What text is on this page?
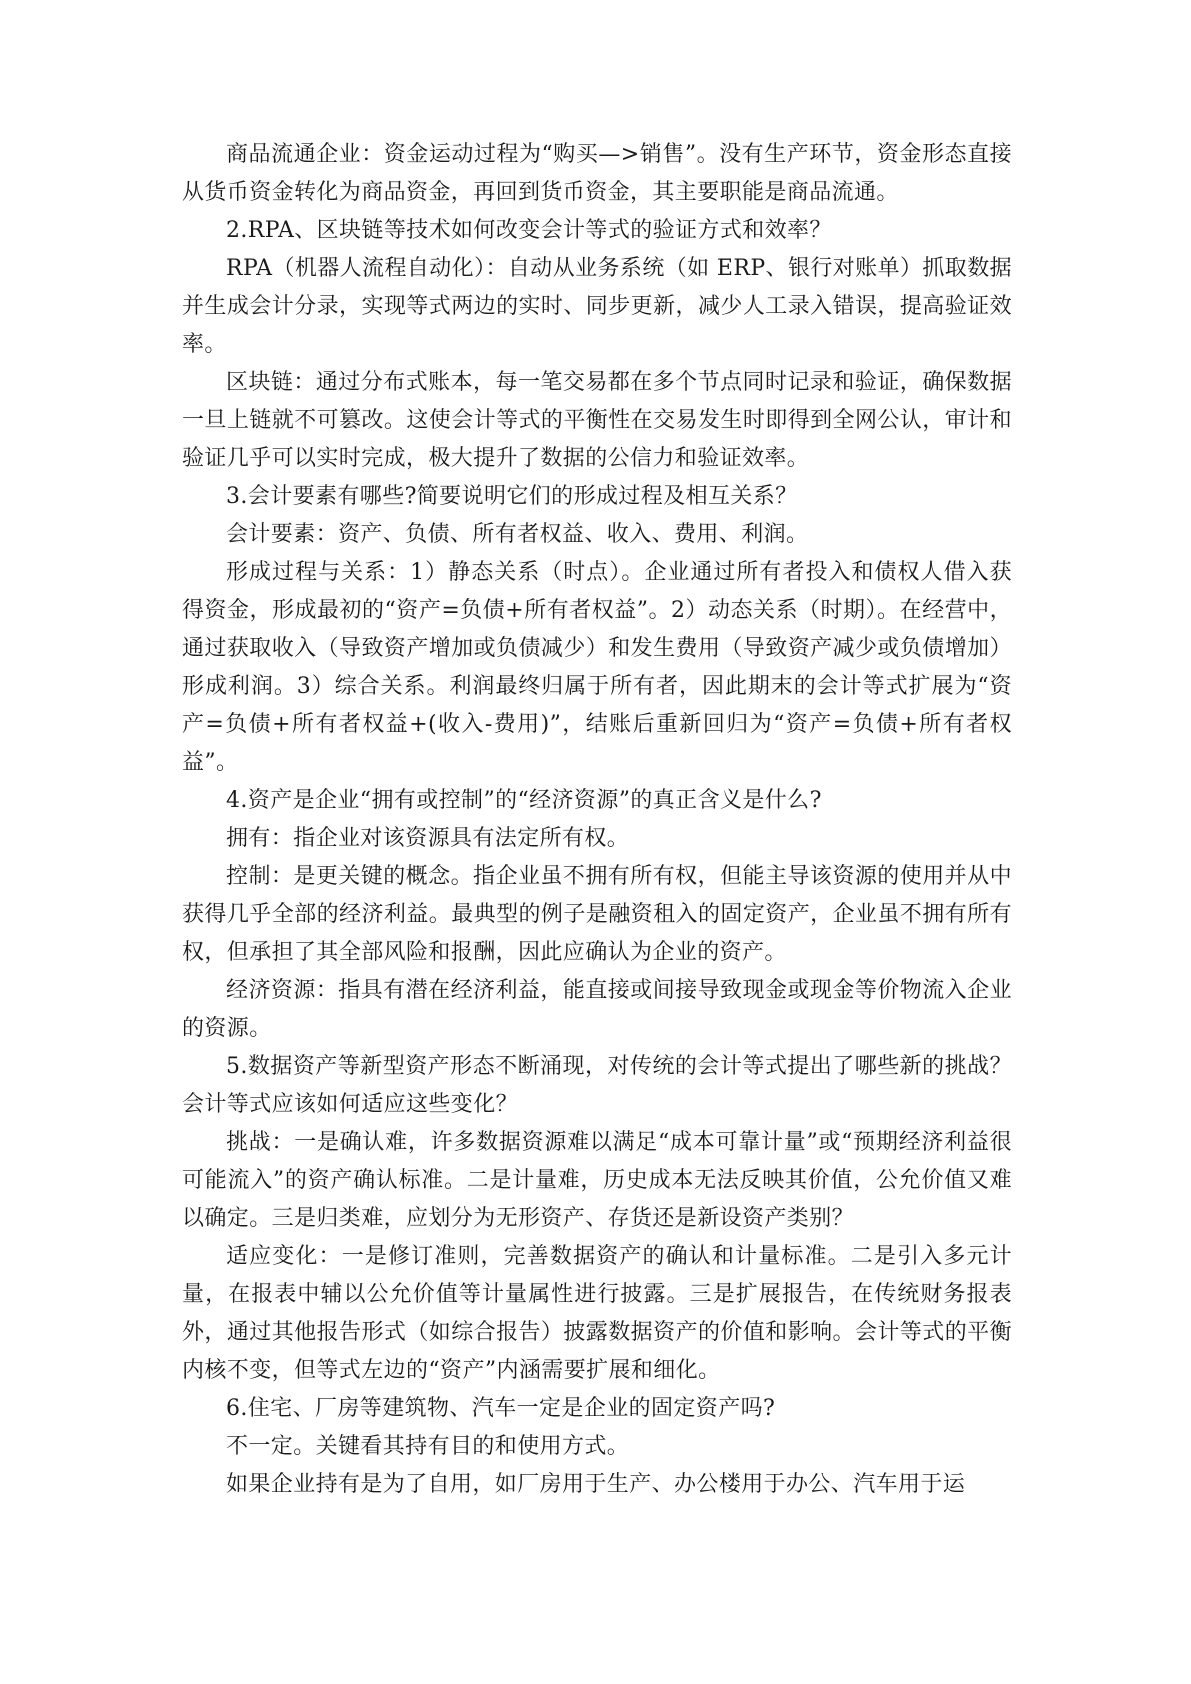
商品流通企业：资金运动过程为“购买—>销售”。没有生产环节，资金形态直接从货币资金转化为商品资金，再回到货币资金，其主要职能是商品流通。

2.RPA、区块链等技术如何改变会计等式的验证方式和效率？

RPA（机器人流程自动化）：自动从业务系统（如 ERP、银行对账单）抓取数据并生成会计分录，实现等式两边的实时、同步更新，减少人工录入错误，提高验证效率。

区块链：通过分布式账本，每一笔交易都在多个节点同时记录和验证，确保数据一旦上链就不可篡改。这使会计等式的平衡性在交易发生时即得到全网公认，审计和验证几乎可以实时完成，极大提升了数据的公信力和验证效率。

3.会计要素有哪些?简要说明它们的形成过程及相互关系？

会计要素：资产、负债、所有者权益、收入、费用、利润。

形成过程与关系：1）静态关系（时点）。企业通过所有者投入和债权人借入获得资金，形成最初的“资产=负债+所有者权益”。2）动态关系（时期）。在经营中，通过获取收入（导致资产增加或负债减少）和发生费用（导致资产减少或负债增加）形成利润。3）综合关系。利润最终归属于所有者，因此期末的会计等式扩展为“资产=负债+所有者权益+(收入-费用)”，结账后重新回归为“资产=负债+所有者权益”。

4.资产是企业“拥有或控制”的“经济资源”的真正含义是什么?

拥有：指企业对该资源具有法定所有权。

控制：是更关键的概念。指企业虽不拥有所有权，但能主导该资源的使用并从中获得几乎全部的经济利益。最典型的例子是融资租入的固定资产，企业虽不拥有所有权，但承担了其全部风险和报酬，因此应确认为企业的资产。

经济资源：指具有潜在经济利益，能直接或间接导致现金或现金等价物流入企业的资源。

5.数据资产等新型资产形态不断涌现，对传统的会计等式提出了哪些新的挑战？会计等式应该如何适应这些变化？

挑战：一是确认难，许多数据资源难以满足“成本可靠计量”或“预期经济利益很可能流入”的资产确认标准。二是计量难，历史成本无法反映其价值，公允价值又难以确定。三是归类难，应划分为无形资产、存货还是新设资产类别？

适应变化：一是修订准则，完善数据资产的确认和计量标准。二是引入多元计量，在报表中辅以公允价值等计量属性进行披露。三是扩展报告，在传统财务报表外，通过其他报告形式（如综合报告）披露数据资产的价值和影响。会计等式的平衡内核不变，但等式左边的“资产”内涵需要扩展和细化。

6.住宅、厂房等建筑物、汽车一定是企业的固定资产吗?

不一定。关键看其持有目的和使用方式。

如果企业持有是为了自用，如厂房用于生产、办公楼用于办公、汽车用于运
